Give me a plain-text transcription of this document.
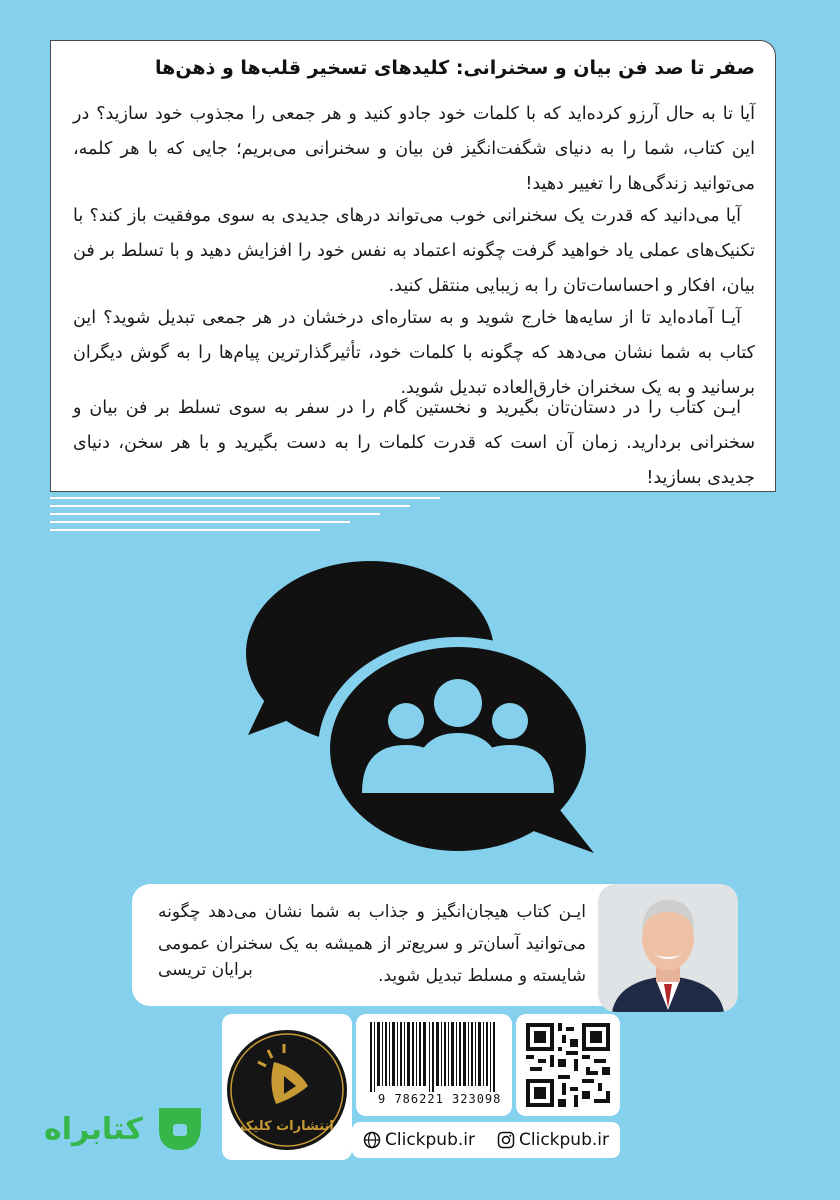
صفر تا صد فن بیان و سخنرانی: کلیدهای تسخیر قلب‌ها و ذهن‌ها
آیا تا به حال آرزو کرده‌اید که با کلمات خود جادو کنید و هر جمعی را مجذوب خود سازید؟ در این کتاب، شما را به دنیای شگفت‌انگیز فن بیان و سخنرانی می‌بریم؛ جایی که با هر کلمه، می‌توانید زندگی‌ها را تغییر دهید!
آیا می‌دانید که قدرت یک سخنرانی خوب می‌تواند درهای جدیدی به سوی موفقیت باز کند؟ با تکنیک‌های عملی یاد خواهید گرفت چگونه اعتماد به نفس خود را افزایش دهید و با تسلط بر فن بیان، افکار و احساسات‌تان را به زیبایی منتقل کنید.
آیـا آماده‌اید تا از سایه‌ها خارج شوید و به ستاره‌ای درخشان در هر جمعی تبدیل شوید؟ این کتاب به شما نشان می‌دهد که چگونه با کلمات خود، تأثیرگذارترین پیام‌ها را به گوش دیگران برسانید و به یک سخنران خارق‌العاده تبدیل شوید.
ایـن کتاب را در دستان‌تان بگیرید و نخستین گام را در سفر به سوی تسلط بر فن بیان و سخنرانی بردارید. زمان آن است که قدرت کلمات را به دست بگیرید و با هر سخن، دنیای جدیدی بسازید!
ایـن کتاب هیجان‌انگیز و جذاب به شما نشان می‌دهد چگونه می‌توانید آسان‌تر و سریع‌تر از همیشه به یک سخنران عمومی شایسته و مسلط تبدیل شوید.
برایان تریسی
انتشارات کلیک
9 786221 323098
Clickpub.ir	Clickpub.ir
کتابراه
